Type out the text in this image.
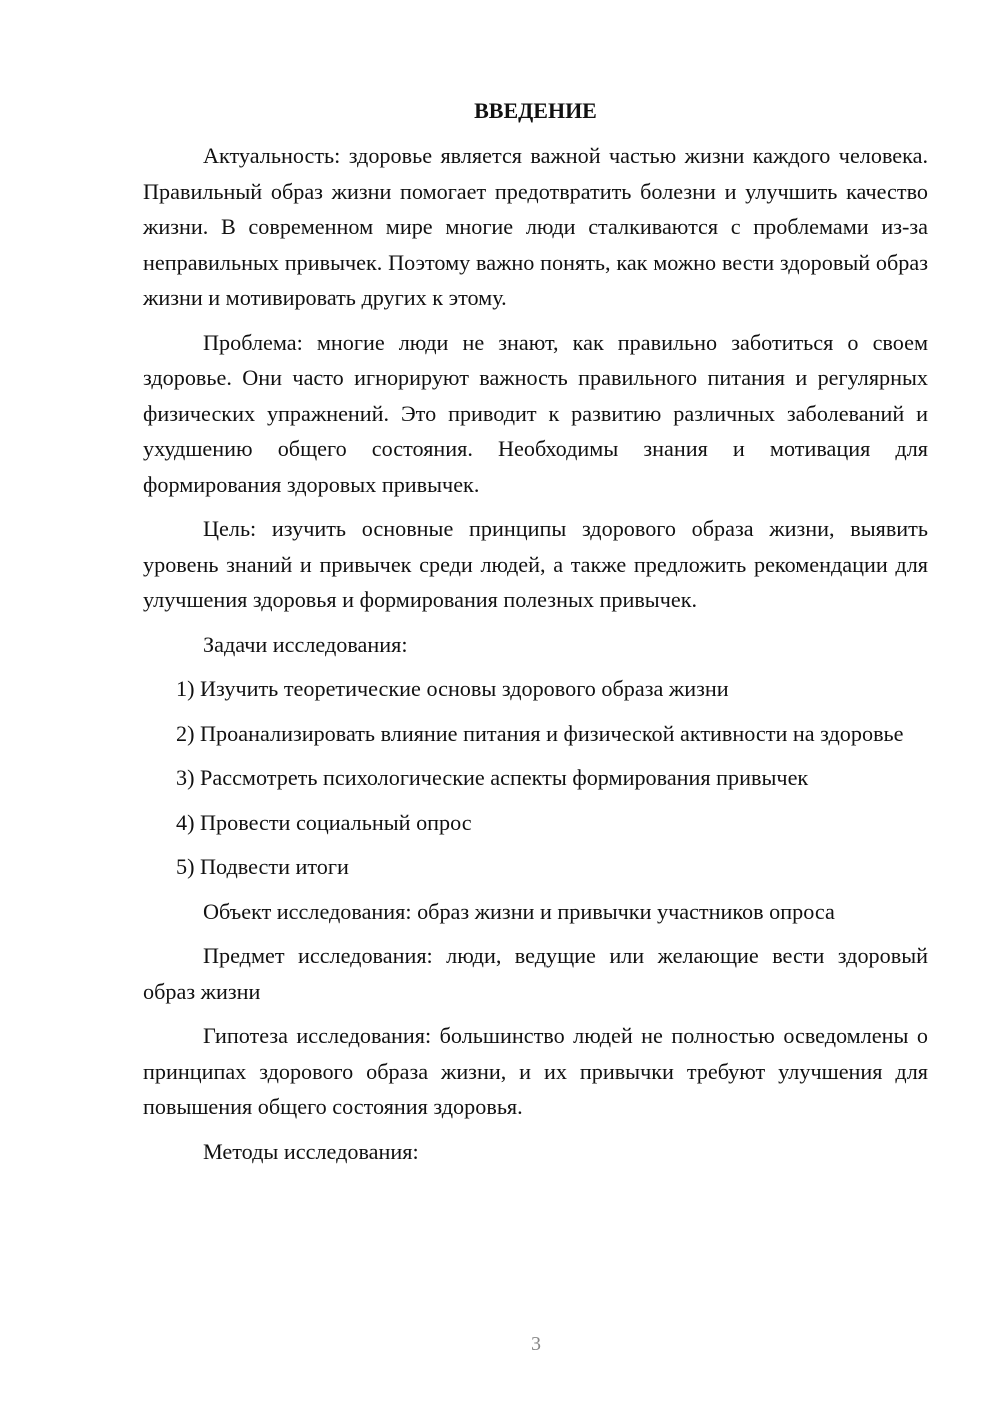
ВВЕДЕНИЕ

Актуальность: здоровье является важной частью жизни каждого человека. Правильный образ жизни помогает предотвратить болезни и улучшить качество жизни. В современном мире многие люди сталкиваются с проблемами из-за неправильных привычек. Поэтому важно понять, как можно вести здоровый образ жизни и мотивировать других к этому.

Проблема: многие люди не знают, как правильно заботиться о своем здоровье. Они часто игнорируют важность правильного питания и регулярных физических упражнений. Это приводит к развитию различных заболеваний и ухудшению общего состояния. Необходимы знания и мотивация для формирования здоровых привычек.

Цель: изучить основные принципы здорового образа жизни, выявить уровень знаний и привычек среди людей, а также предложить рекомендации для улучшения здоровья и формирования полезных привычек.

Задачи исследования:

1) Изучить теоретические основы здорового образа жизни

2) Проанализировать влияние питания и физической активности на здоровье

3) Рассмотреть психологические аспекты формирования привычек

4) Провести социальный опрос

5) Подвести итоги

Объект исследования: образ жизни и привычки участников опроса

Предмет исследования: люди, ведущие или желающие вести здоровый образ жизни

Гипотеза исследования: большинство людей не полностью осведомлены о принципах здорового образа жизни, и их привычки требуют улучшения для повышения общего состояния здоровья.

Методы исследования:

3
